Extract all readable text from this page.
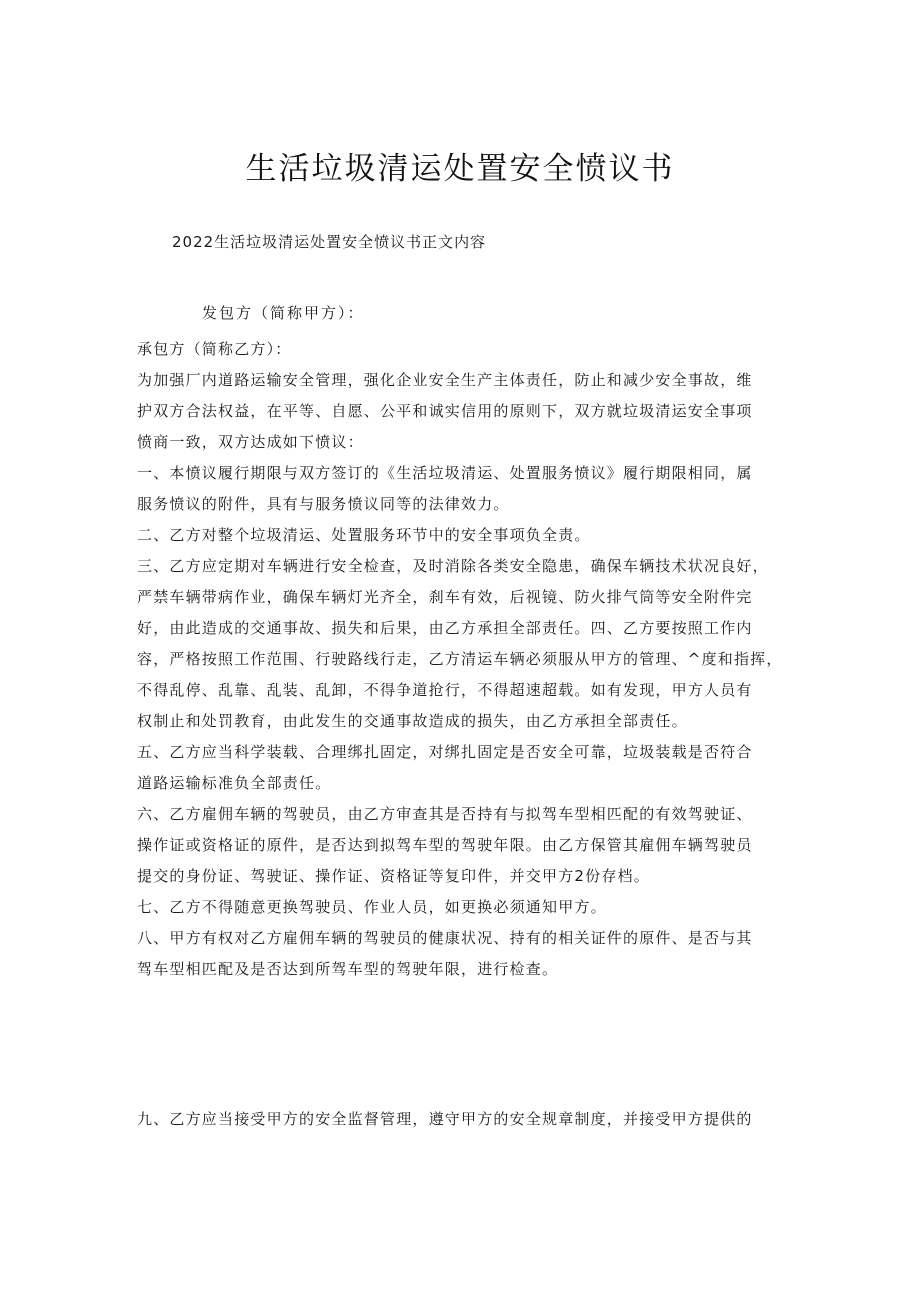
生活垃圾清运处置安全愤议书
2022生活垃圾清运处置安全愤议书正文内容
发包方（简称甲方）：

承包方（简称乙方）：

为加强厂内道路运输安全管理，强化企业安全生产主体责任，防止和减少安全事故，维

护双方合法权益，在平等、自愿、公平和诚实信用的原则下，双方就垃圾清运安全事项

愤商一致，双方达成如下愤议：

一、本愤议履行期限与双方签订的《生活垃圾清运、处置服务愤议》履行期限相同，属

服务愤议的附件，具有与服务愤议同等的法律效力。

二、乙方对整个垃圾清运、处置服务环节中的安全事项负全责。

三、乙方应定期对车辆进行安全检查，及时消除各类安全隐患，确保车辆技术状况良好，

严禁车辆带病作业，确保车辆灯光齐全，刹车有效，后视镜、防火排气筒等安全附件完

好，由此造成的交通事故、损失和后果，由乙方承担全部责任。四、乙方要按照工作内

容，严格按照工作范围、行驶路线行走，乙方清运车辆必须服从甲方的管理、^度和指挥，

不得乱停、乱靠、乱装、乱卸，不得争道抢行，不得超速超载。如有发现，甲方人员有

权制止和处罚教育，由此发生的交通事故造成的损失，由乙方承担全部责任。

五、乙方应当科学装载、合理绑扎固定，对绑扎固定是否安全可靠，垃圾装载是否符合

道路运输标准负全部责任。

六、乙方雇佣车辆的驾驶员，由乙方审查其是否持有与拟驾车型相匹配的有效驾驶证、

操作证或资格证的原件，是否达到拟驾车型的驾驶年限。由乙方保管其雇佣车辆驾驶员

提交的身份证、驾驶证、操作证、资格证等复印件，并交甲方2份存档。

七、乙方不得随意更换驾驶员、作业人员，如更换必须通知甲方。

八、甲方有权对乙方雇佣车辆的驾驶员的健康状况、持有的相关证件的原件、是否与其

驾车型相匹配及是否达到所驾车型的驾驶年限，进行检查。

九、乙方应当接受甲方的安全监督管理，遵守甲方的安全规章制度，并接受甲方提供的
